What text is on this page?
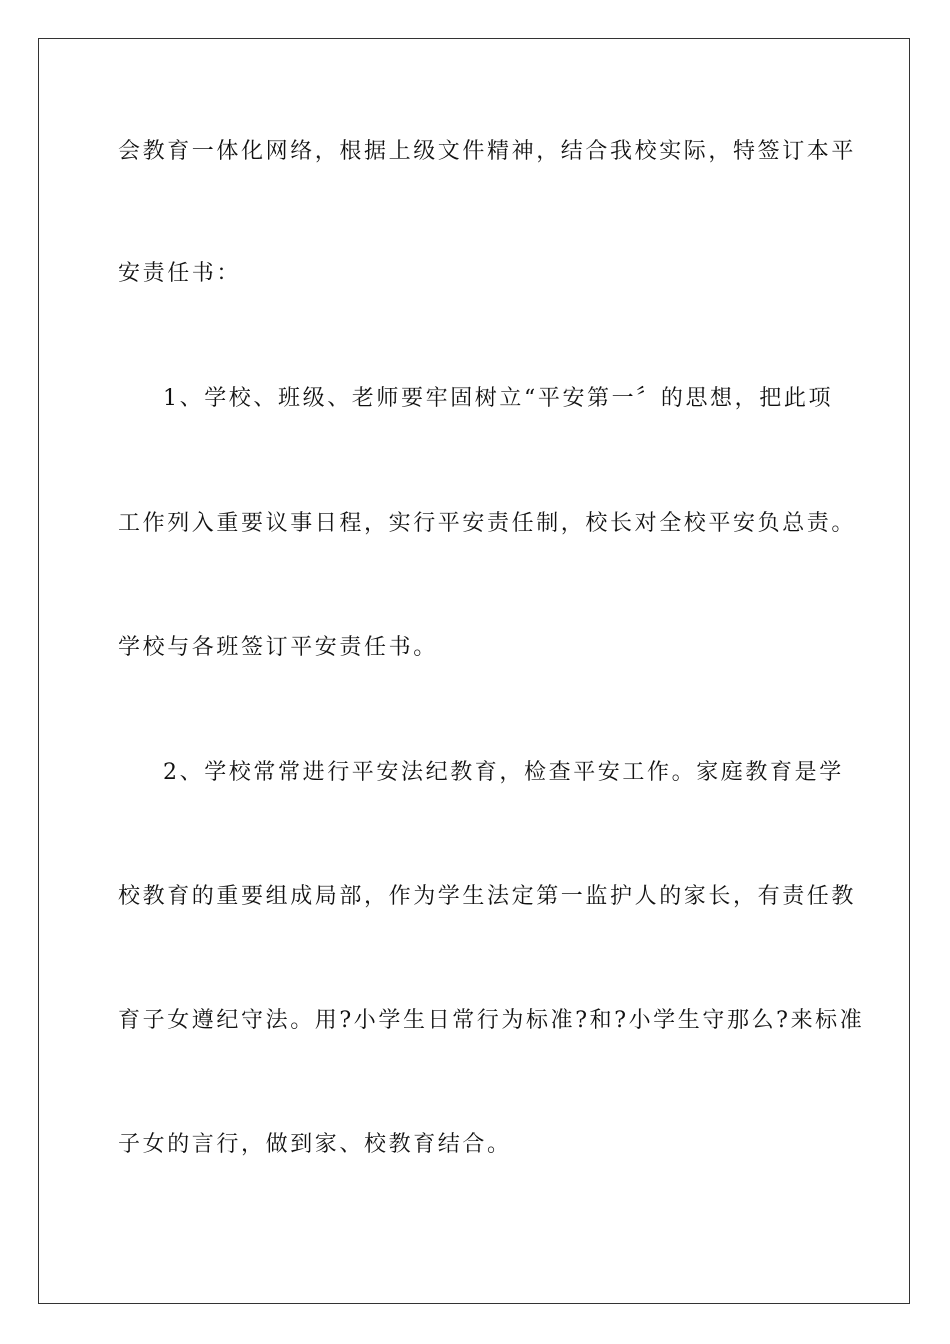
会教育一体化网络，根据上级文件精神，结合我校实际，特签订本平

安责任书：

1、学校、班级、老师要牢固树立“平安第一〞的思想，把此项

工作列入重要议事日程，实行平安责任制，校长对全校平安负总责。

学校与各班签订平安责任书。

2、学校常常进行平安法纪教育，检查平安工作。家庭教育是学

校教育的重要组成局部，作为学生法定第一监护人的家长，有责任教

育子女遵纪守法。用?小学生日常行为标准?和?小学生守那么?来标准

子女的言行，做到家、校教育结合。
